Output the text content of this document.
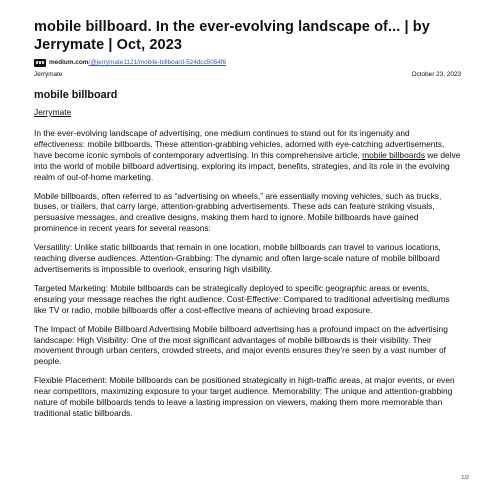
mobile billboard. In the ever-evolving landscape of... | by Jerrymate | Oct, 2023
medium.com /@jerrymate1121/mobile-billboard-524dcc5054f6
Jerrymate	October 23, 2023
mobile billboard
Jerrymate

In the ever-evolving landscape of advertising, one medium continues to stand out for its ingenuity and effectiveness: mobile billboards. These attention-grabbing vehicles, adorned with eye-catching advertisements, have become iconic symbols of contemporary advertising. In this comprehensive article, mobile billboards we delve into the world of mobile billboard advertising, exploring its impact, benefits, strategies, and its role in the evolving realm of out-of-home marketing.

Mobile billboards, often referred to as “advertising on wheels,” are essentially moving vehicles, such as trucks, buses, or trailers, that carry large, attention-grabbing advertisements. These ads can feature striking visuals, persuasive messages, and creative designs, making them hard to ignore. Mobile billboards have gained prominence in recent years for several reasons:

Versatility: Unlike static billboards that remain in one location, mobile billboards can travel to various locations, reaching diverse audiences. Attention-Grabbing: The dynamic and often large-scale nature of mobile billboard advertisements is impossible to overlook, ensuring high visibility.

Targeted Marketing: Mobile billboards can be strategically deployed to specific geographic areas or events, ensuring your message reaches the right audience. Cost-Effective: Compared to traditional advertising mediums like TV or radio, mobile billboards offer a cost-effective means of achieving broad exposure.

The Impact of Mobile Billboard Advertising Mobile billboard advertising has a profound impact on the advertising landscape: High Visibility: One of the most significant advantages of mobile billboards is their visibility. Their movement through urban centers, crowded streets, and major events ensures they’re seen by a vast number of people.

Flexible Placement: Mobile billboards can be positioned strategically in high-traffic areas, at major events, or even near competitors, maximizing exposure to your target audience. Memorability: The unique and attention-grabbing nature of mobile billboards tends to leave a lasting impression on viewers, making them more memorable than traditional static billboards.

1/2
